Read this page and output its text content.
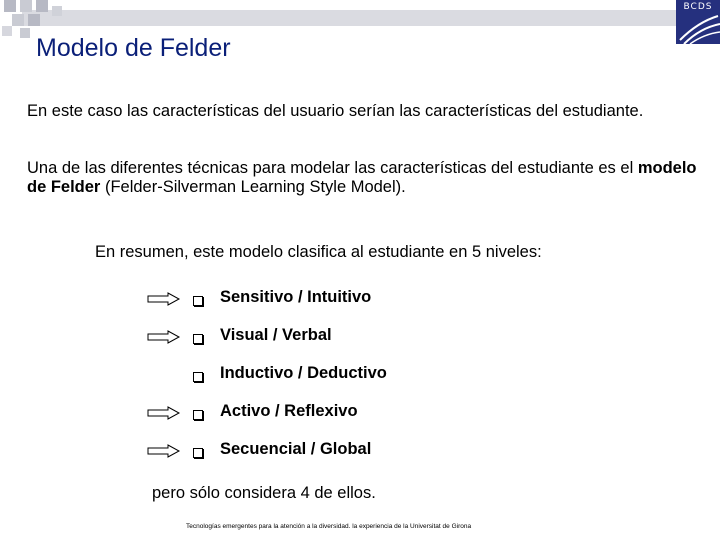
BCDS
Modelo de Felder
En este caso las características del usuario serían las características del estudiante.
Una de las diferentes técnicas para modelar las características del estudiante es el modelo de Felder (Felder-Silverman Learning Style Model).
En resumen, este modelo clasifica al estudiante en 5 niveles:
Sensitivo / Intuitivo
Visual / Verbal
Inductivo / Deductivo
Activo / Reflexivo
Secuencial / Global
pero sólo considera 4 de ellos.
Tecnologías emergentes para la atención a la diversidad. la experiencia de la Universitat de Girona
